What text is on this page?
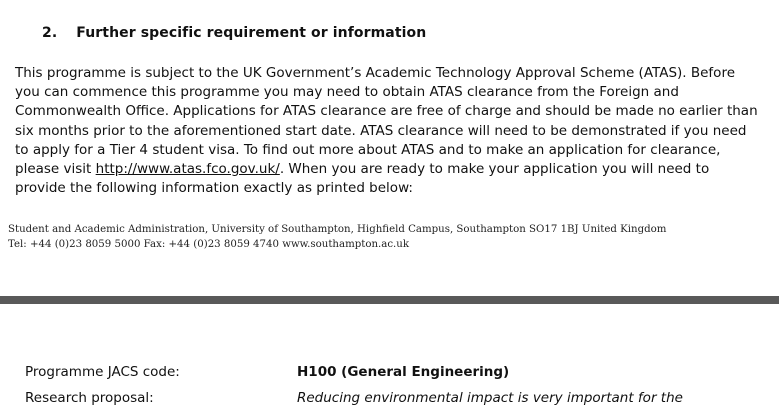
2. Further specific requirement or information
This programme is subject to the UK Government’s Academic Technology Approval Scheme (ATAS). Before
you can commence this programme you may need to obtain ATAS clearance from the Foreign and
Commonwealth Office. Applications for ATAS clearance are free of charge and should be made no earlier than
six months prior to the aforementioned start date. ATAS clearance will need to be demonstrated if you need
to apply for a Tier 4 student visa. To find out more about ATAS and to make an application for clearance,
please visit http://www.atas.fco.gov.uk/. When you are ready to make your application you will need to
provide the following information exactly as printed below:
Student and Academic Administration, University of Southampton, Highfield Campus, Southampton SO17 1BJ United Kingdom
Tel: +44 (0)23 8059 5000 Fax: +44 (0)23 8059 4740 www.southampton.ac.uk
Programme JACS code:	H100 (General Engineering)
Research proposal:	Reducing environmental impact is very important for the
